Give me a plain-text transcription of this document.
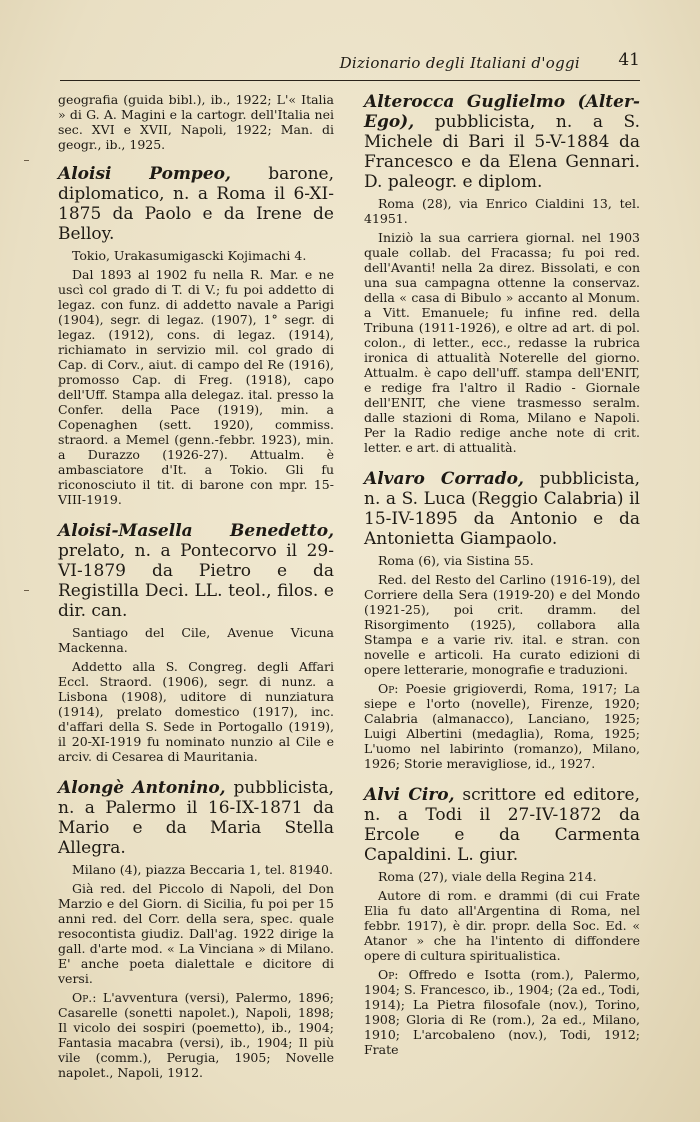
Dizionario degli Italiani d'oggi 41

geografia (guida bibl.), ib., 1922; L'« Italia » di G. A. Magini e la cartogr. dell'Italia nei sec. XVI e XVII, Napoli, 1922; Man. di geogr., ib., 1925.

Aloisi Pompeo, barone, diplomatico, n. a Roma il 6-XI-1875 da Paolo e da Irene de Belloy.

Tokio, Urakasumigascki Kojimachi 4.

Dal 1893 al 1902 fu nella R. Mar. e ne uscì col grado di T. di V.; fu poi addetto di legaz. con funz. di addetto navale a Parigi (1904), segr. di legaz. (1907), 1° segr. di legaz. (1912), cons. di legaz. (1914), richiamato in servizio mil. col grado di Cap. di Corv., aiut. di campo del Re (1916), promosso Cap. di Freg. (1918), capo dell'Uff. Stampa alla delegaz. ital. presso la Confer. della Pace (1919), min. a Copenaghen (sett. 1920), commiss. straord. a Memel (genn.-febbr. 1923), min. a Durazzo (1926-27). Attualm. è ambasciatore d'It. a Tokio. Gli fu riconosciuto il tit. di barone con mpr. 15-VIII-1919.

Aloisi-Masella Benedetto, prelato, n. a Pontecorvo il 29-VI-1879 da Pietro e da Registilla Deci. LL. teol., filos. e dir. can.

Santiago del Cile, Avenue Vicuna Mackenna.

Addetto alla S. Congreg. degli Affari Eccl. Straord. (1906), segr. di nunz. a Lisbona (1908), uditore di nunziatura (1914), prelato domestico (1917), inc. d'affari della S. Sede in Portogallo (1919), il 20-XI-1919 fu nominato nunzio al Cile e arciv. di Cesarea di Mauritania.

Alongè Antonino, pubblicista, n. a Palermo il 16-IX-1871 da Mario e da Maria Stella Allegra.

Milano (4), piazza Beccaria 1, tel. 81940.

Già red. del Piccolo di Napoli, del Don Marzio e del Giorn. di Sicilia, fu poi per 15 anni red. del Corr. della sera, spec. quale resocontista giudiz. Dall'ag. 1922 dirige la gall. d'arte mod. « La Vinciana » di Milano. E' anche poeta dialettale e dicitore di versi.

Op.: L'avventura (versi), Palermo, 1896; Casarelle (sonetti napolet.), Napoli, 1898; Il vicolo dei sospiri (poemetto), ib., 1904; Fantasia macabra (versi), ib., 1904; Il più vile (comm.), Perugia, 1905; Novelle napolet., Napoli, 1912.

Alterocca Guglielmo (Alter-Ego), pubblicista, n. a S. Michele di Bari il 5-V-1884 da Francesco e da Elena Gennari. D. paleogr. e diplom.

Roma (28), via Enrico Cialdini 13, tel. 41951.

Iniziò la sua carriera giornal. nel 1903 quale collab. del Fracassa; fu poi red. dell'Avanti! nella 2a direz. Bissolati, e con una sua campagna ottenne la conservaz. della « casa di Bibulo » accanto al Monum. a Vitt. Emanuele; fu infine red. della Tribuna (1911-1926), e oltre ad art. di pol. colon., di letter., ecc., redasse la rubrica ironica di attualità Noterelle del giorno. Attualm. è capo dell'uff. stampa dell'ENIT, e redige fra l'altro il Radio - Giornale dell'ENIT, che viene trasmesso seralm. dalle stazioni di Roma, Milano e Napoli. Per la Radio redige anche note di crit. letter. e art. di attualità.

Alvaro Corrado, pubblicista, n. a S. Luca (Reggio Calabria) il 15-IV-1895 da Antonio e da Antonietta Giampaolo.

Roma (6), via Sistina 55.

Red. del Resto del Carlino (1916-19), del Corriere della Sera (1919-20) e del Mondo (1921-25), poi crit. dramm. del Risorgimento (1925), collabora alla Stampa e a varie riv. ital. e stran. con novelle e articoli. Ha curato edizioni di opere letterarie, monografie e traduzioni.

Op: Poesie grigioverdi, Roma, 1917; La siepe e l'orto (novelle), Firenze, 1920; Calabria (almanacco), Lanciano, 1925; Luigi Albertini (medaglia), Roma, 1925; L'uomo nel labirinto (romanzo), Milano, 1926; Storie meravigliose, id., 1927.

Alvi Ciro, scrittore ed editore, n. a Todi il 27-IV-1872 da Ercole e da Carmenta Capaldini. L. giur.

Roma (27), viale della Regina 214.

Autore di rom. e drammi (di cui Frate Elia fu dato all'Argentina di Roma, nel febbr. 1917), è dir. propr. della Soc. Ed. « Atanor » che ha l'intento di diffondere opere di cultura spiritualistica.

Op: Offredo e Isotta (rom.), Palermo, 1904; S. Francesco, ib., 1904; (2a ed., Todi, 1914); La Pietra filosofale (nov.), Torino, 1908; Gloria di Re (rom.), 2a ed., Milano, 1910; L'arcobaleno (nov.), Todi, 1912; Frate
